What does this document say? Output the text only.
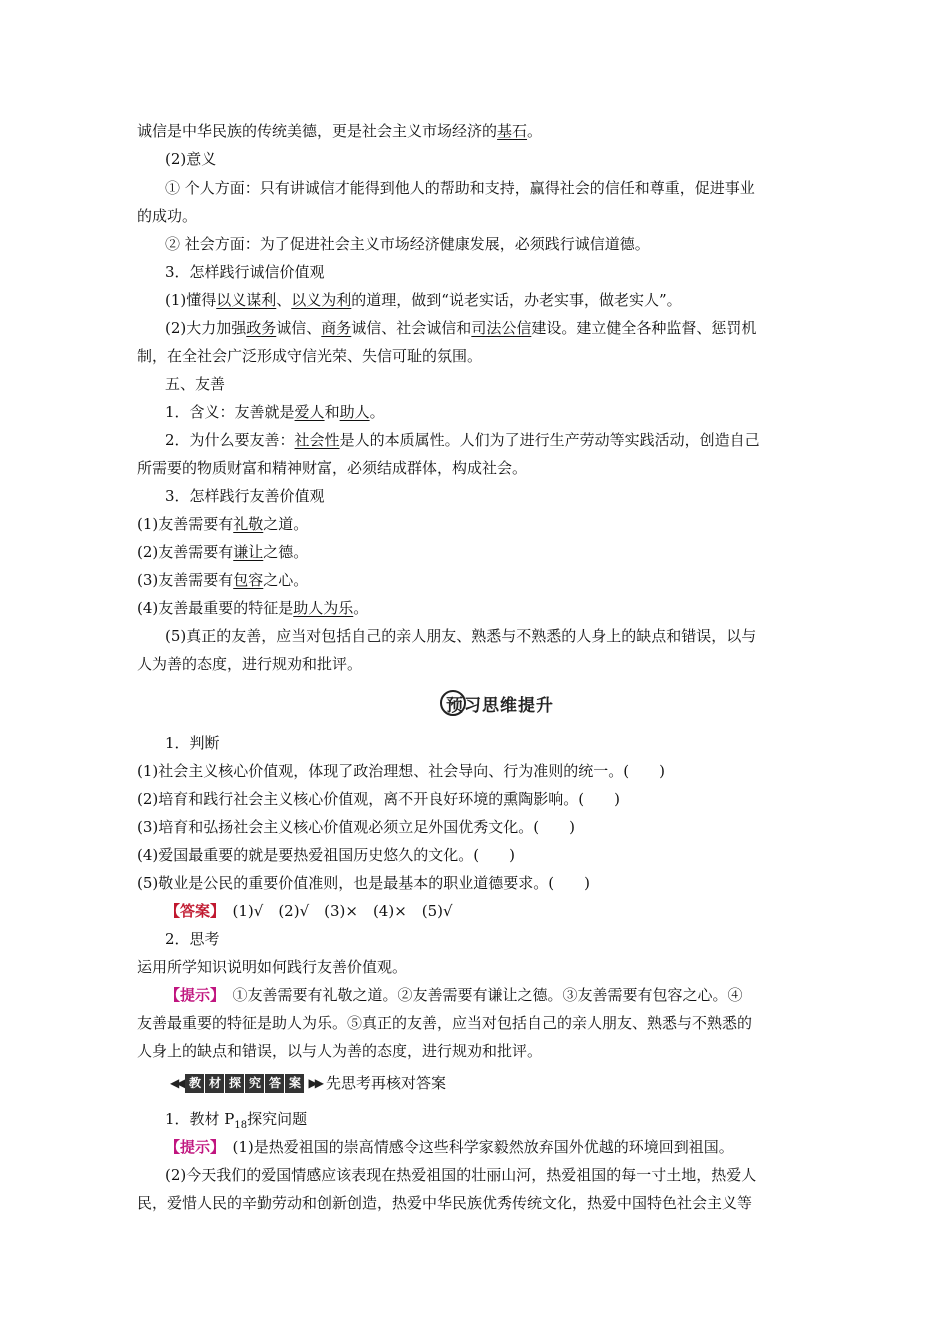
诚信是中华民族的传统美德，更是社会主义市场经济的基石。
(2)意义
① 个人方面：只有讲诚信才能得到他人的帮助和支持，赢得社会的信任和尊重，促进事业
的成功。
② 社会方面：为了促进社会主义市场经济健康发展，必须践行诚信道德。
3．怎样践行诚信价值观
(1)懂得以义谋利、以义为利的道理，做到“说老实话，办老实事，做老实人”。
(2)大力加强政务诚信、商务诚信、社会诚信和司法公信建设。建立健全各种监督、惩罚机
制，在全社会广泛形成守信光荣、失信可耻的氛围。
五、友善
1．含义：友善就是爱人和助人。
2．为什么要友善：社会性是人的本质属性。人们为了进行生产劳动等实践活动，创造自己
所需要的物质财富和精神财富，必须结成群体，构成社会。
3．怎样践行友善价值观
(1)友善需要有礼敬之道。
(2)友善需要有谦让之德。
(3)友善需要有包容之心。
(4)友善最重要的特征是助人为乐。
(5)真正的友善，应当对包括自己的亲人朋友、熟悉与不熟悉的人身上的缺点和错误，以与
人为善的态度，进行规劝和批评。
1．判断
(1)社会主义核心价值观，体现了政治理想、社会导向、行为准则的统一。(　　)
(2)培育和践行社会主义核心价值观，离不开良好环境的熏陶影响。(　　)
(3)培育和弘扬社会主义核心价值观必须立足外国优秀文化。(　　)
(4)爱国最重要的就是要热爱祖国历史悠久的文化。(　　)
(5)敬业是公民的重要价值准则，也是最基本的职业道德要求。(　　)
【答案】　(1)√　(2)√　(3)×　(4)×　(5)√
2．思考
运用所学知识说明如何践行友善价值观。
【提示】　①友善需要有礼敬之道。②友善需要有谦让之德。③友善需要有包容之心。④
友善最重要的特征是助人为乐。⑤真正的友善，应当对包括自己的亲人朋友、熟悉与不熟悉的
人身上的缺点和错误，以与人为善的态度，进行规劝和批评。
1．教材 $P_{18}$探究问题
【提示】　(1)是热爱祖国的崇高情感令这些科学家毅然放弃国外优越的环境回到祖国。
(2)今天我们的爱国情感应该表现在热爱祖国的壮丽山河，热爱祖国的每一寸土地，热爱人
民，爱惜人民的辛勤劳动和创新创造，热爱中华民族优秀传统文化，热爱中国特色社会主义等
预习思维提升
◀◀ 教 材 探 究 答 案 ▶▶ 先思考再核对答案
